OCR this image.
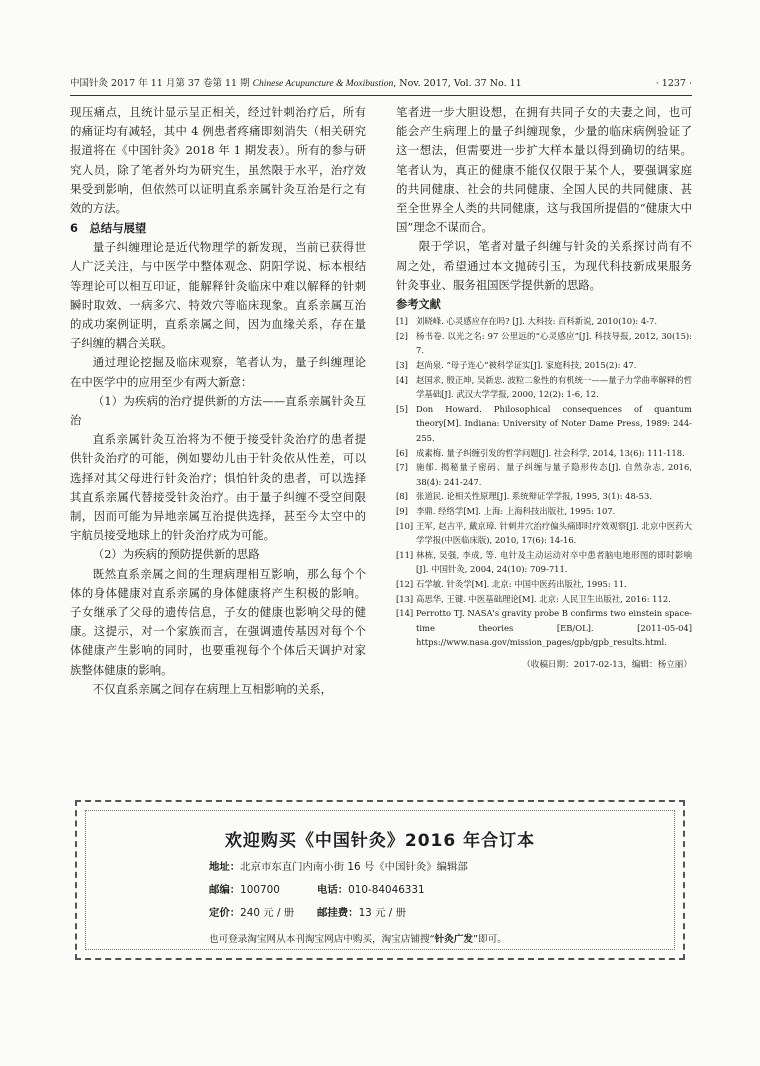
中国针灸 2017 年 11 月第 37 卷第 11 期 Chinese Acupuncture & Moxibustion, Nov. 2017, Vol. 37 No. 11	· 1237 ·

现压痛点，且统计显示呈正相关，经过针刺治疗后，所有的痛证均有减轻，其中 4 例患者疼痛即刻消失（相关研究报道将在《中国针灸》2018 年 1 期发表）。所有的参与研究人员，除了笔者外均为研究生，虽然限于水平，治疗效果受到影响，但依然可以证明直系亲属针灸互治是行之有效的方法。

6　总结与展望

量子纠缠理论是近代物理学的新发现，当前已获得世人广泛关注，与中医学中整体观念、阴阳学说、标本根结等理论可以相互印证，能解释针灸临床中难以解释的针刺瞬时取效、一病多穴、特效穴等临床现象。直系亲属互治的成功案例证明，直系亲属之间，因为血缘关系，存在量子纠缠的耦合关联。

通过理论挖掘及临床观察，笔者认为，量子纠缠理论在中医学中的应用至少有两大新意：

（1）为疾病的治疗提供新的方法——直系亲属针灸互治

直系亲属针灸互治将为不便于接受针灸治疗的患者提供针灸治疗的可能，例如婴幼儿由于针灸依从性差，可以选择对其父母进行针灸治疗；惧怕针灸的患者，可以选择其直系亲属代替接受针灸治疗。由于量子纠缠不受空间限制，因而可能为异地亲属互治提供选择，甚至今太空中的宇航员接受地球上的针灸治疗成为可能。

（2）为疾病的预防提供新的思路

既然直系亲属之间的生理病理相互影响，那么每个个体的身体健康对直系亲属的身体健康将产生积极的影响。子女继承了父母的遗传信息，子女的健康也影响父母的健康。这提示，对一个家族而言，在强调遗传基因对每个个体健康产生影响的同时，也要重视每个个体后天调护对家族整体健康的影响。

不仅直系亲属之间存在病理上互相影响的关系，

笔者进一步大胆设想，在拥有共同子女的夫妻之间，也可能会产生病理上的量子纠缠现象，少量的临床病例验证了这一想法，但需要进一步扩大样本量以得到确切的结果。笔者认为，真正的健康不能仅仅限于某个人，要强调家庭的共同健康、社会的共同健康、全国人民的共同健康、甚至全世界全人类的共同健康，这与我国所提倡的“健康大中国”理念不谋而合。

限于学识，笔者对量子纠缠与针灸的关系探讨尚有不周之处，希望通过本文抛砖引玉，为现代科技新成果服务针灸事业、服务祖国医学提供新的思路。

参考文献

[1] 刘晓峰. 心灵感应存在吗? [J]. 大科技: 百科新说, 2010(10): 4-7.
[2] 杨书卷. 以光之名: 97 公里远的“心灵感应”[J]. 科技导报, 2012, 30(15): 7.
[3] 赵尚泉. “母子连心”被科学证实[J]. 家庭科技, 2015(2): 47.
[4] 赵国求, 殷正坤, 吴新忠. 波粒二象性的有机统一——量子力学曲率解释的哲学基础[J]. 武汉大学学报, 2000, 12(2): 1-6, 12.
[5] Don Howard. Philosophical consequences of quantum theory[M]. Indiana: University of Noter Dame Press, 1989: 244-255.
[6] 成素梅. 量子纠缠引发的哲学问题[J]. 社会科学, 2014, 13(6): 111-118.
[7] 施郁. 揭秘量子密码、量子纠缠与量子隐形传态[J]. 自然杂志, 2016, 38(4): 241-247.
[8] 张道民. 论相关性原理[J]. 系统辩证学学报, 1995, 3(1): 48-53.
[9] 李鼎. 经络学[M]. 上海: 上海科技出版社, 1995: 107.
[10] 王军, 赵吉平, 戴京璋. 针刺井穴治疗偏头痛即时疗效观察[J]. 北京中医药大学学报(中医临床版), 2010, 17(6): 14-16.
[11] 林栋, 吴强, 李成, 等. 电针及主动运动对卒中患者脑电地形图的即时影响[J]. 中国针灸, 2004, 24(10): 709-711.
[12] 石学敏. 针灸学[M]. 北京: 中国中医药出版社, 1995: 11.
[13] 高思华, 王键. 中医基础理论[M]. 北京: 人民卫生出版社, 2016: 112.
[14] Perrotto TJ. NASA's gravity probe B confirms two einstein space-time theories [EB/OL]. [2011-05-04] https://www.nasa.gov/mission_pages/gpb/gpb_results.html.
（收稿日期：2017-02-13，编辑：杨立丽）
欢迎购买《中国针灸》2016 年合订本
地址：北京市东直门内南小街 16 号《中国针灸》编辑部
邮编：100700	电话：010-84046331
定价：240 元 / 册 邮挂费：13 元 / 册
也可登录淘宝网从本刊淘宝网店中购买，淘宝店铺搜“针灸广发”即可。
